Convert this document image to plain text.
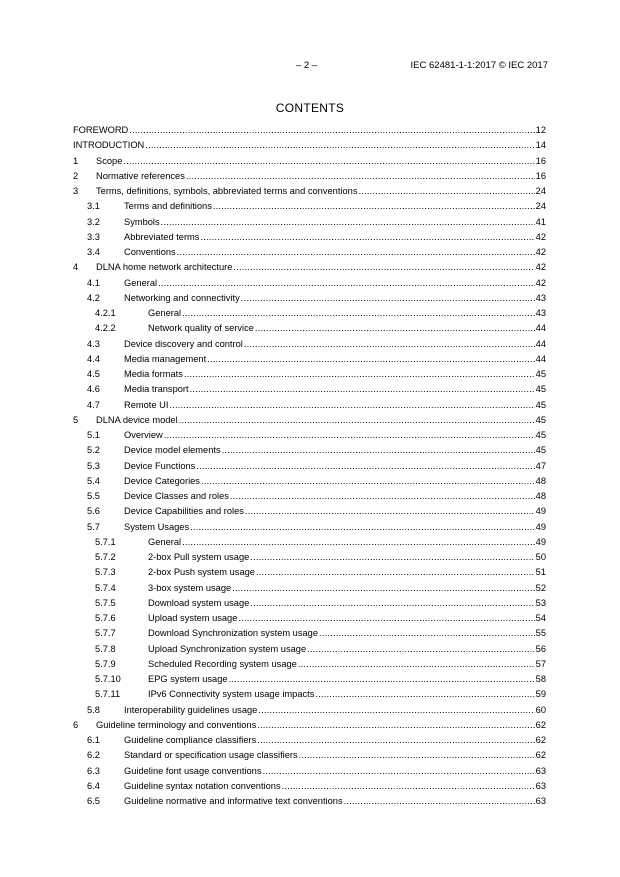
– 2 –	IEC 62481-1-1:2017 © IEC 2017
CONTENTS
FOREWORD .....	12
INTRODUCTION .....	14
1	Scope .....	16
2	Normative references .....	16
3	Terms, definitions, symbols, abbreviated terms and conventions .....	24
3.1	Terms and definitions .....	24
3.2	Symbols .....	41
3.3	Abbreviated terms .....	42
3.4	Conventions .....	42
4	DLNA home network architecture .....	42
4.1	General .....	42
4.2	Networking and connectivity .....	43
4.2.1	General .....	43
4.2.2	Network quality of service .....	44
4.3	Device discovery and control .....	44
4.4	Media management .....	44
4.5	Media formats .....	45
4.6	Media transport .....	45
4.7	Remote UI .....	45
5	DLNA device model .....	45
5.1	Overview .....	45
5.2	Device model elements .....	45
5.3	Device Functions .....	47
5.4	Device Categories .....	48
5.5	Device Classes and roles .....	48
5.6	Device Capabilities and roles .....	49
5.7	System Usages .....	49
5.7.1	General .....	49
5.7.2	2-box Pull system usage .....	50
5.7.3	2-box Push system usage .....	51
5.7.4	3-box system usage .....	52
5.7.5	Download system usage .....	53
5.7.6	Upload system usage .....	54
5.7.7	Download Synchronization system usage .....	55
5.7.8	Upload Synchronization system usage .....	56
5.7.9	Scheduled Recording system usage .....	57
5.7.10	EPG system usage .....	58
5.7.11	IPv6 Connectivity system usage impacts .....	59
5.8	Interoperability guidelines usage .....	60
6	Guideline terminology and conventions .....	62
6.1	Guideline compliance classifiers .....	62
6.2	Standard or specification usage classifiers .....	62
6.3	Guideline font usage conventions .....	63
6.4	Guideline syntax notation conventions .....	63
6.5	Guideline normative and informative text conventions .....	63
